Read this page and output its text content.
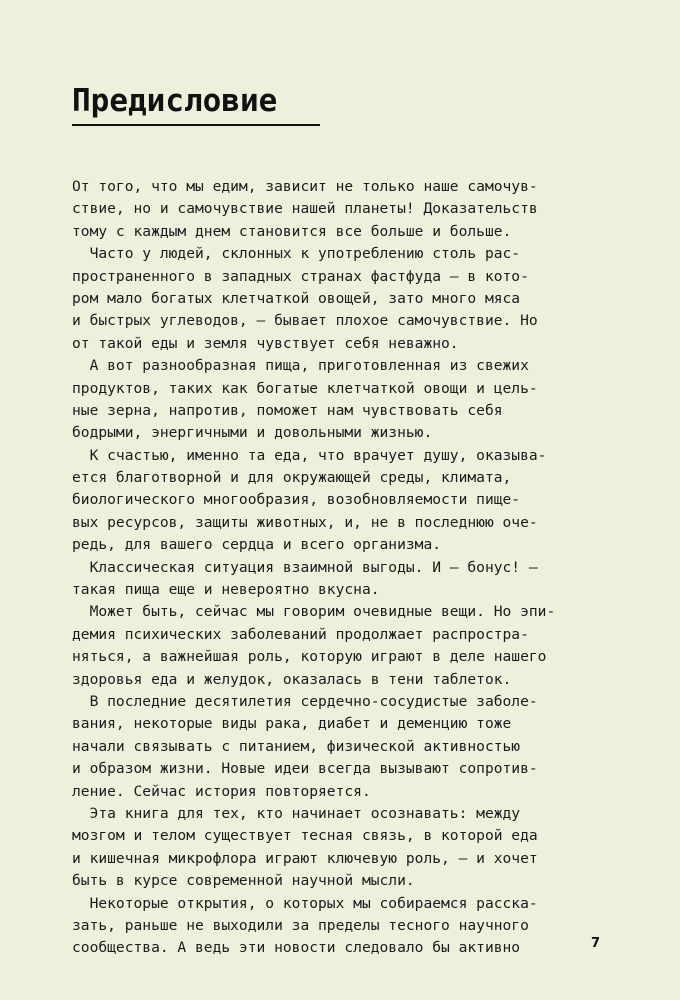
Предисловие
От того, что мы едим, зависит не только наше самочув-
ствие, но и самочувствие нашей планеты! Доказательств
тому с каждым днем становится все больше и больше.
Часто у людей, склонных к употреблению столь рас-
пространенного в западных странах фастфуда — в кото-
ром мало богатых клетчаткой овощей, зато много мяса
и быстрых углеводов, — бывает плохое самочувствие. Но
от такой еды и земля чувствует себя неважно.
А вот разнообразная пища, приготовленная из свежих
продуктов, таких как богатые клетчаткой овощи и цель-
ные зерна, напротив, поможет нам чувствовать себя
бодрыми, энергичными и довольными жизнью.
К счастью, именно та еда, что врачует душу, оказыва-
ется благотворной и для окружающей среды, климата,
биологического многообразия, возобновляемости пище-
вых ресурсов, защиты животных, и, не в последнюю оче-
редь, для вашего сердца и всего организма.
Классическая ситуация взаимной выгоды. И — бонус! —
такая пища еще и невероятно вкусна.
Может быть, сейчас мы говорим очевидные вещи. Но эпи-
демия психических заболеваний продолжает распростра-
няться, а важнейшая роль, которую играют в деле нашего
здоровья еда и желудок, оказалась в тени таблеток.
В последние десятилетия сердечно-сосудистые заболе-
вания, некоторые виды рака, диабет и деменцию тоже
начали связывать с питанием, физической активностью
и образом жизни. Новые идеи всегда вызывают сопротив-
ление. Сейчас история повторяется.
Эта книга для тех, кто начинает осознавать: между
мозгом и телом существует тесная связь, в которой еда
и кишечная микрофлора играют ключевую роль, — и хочет
быть в курсе современной научной мысли.
Некоторые открытия, о которых мы собираемся расска-
зать, раньше не выходили за пределы тесного научного
сообщества. А ведь эти новости следовало бы активно	7
